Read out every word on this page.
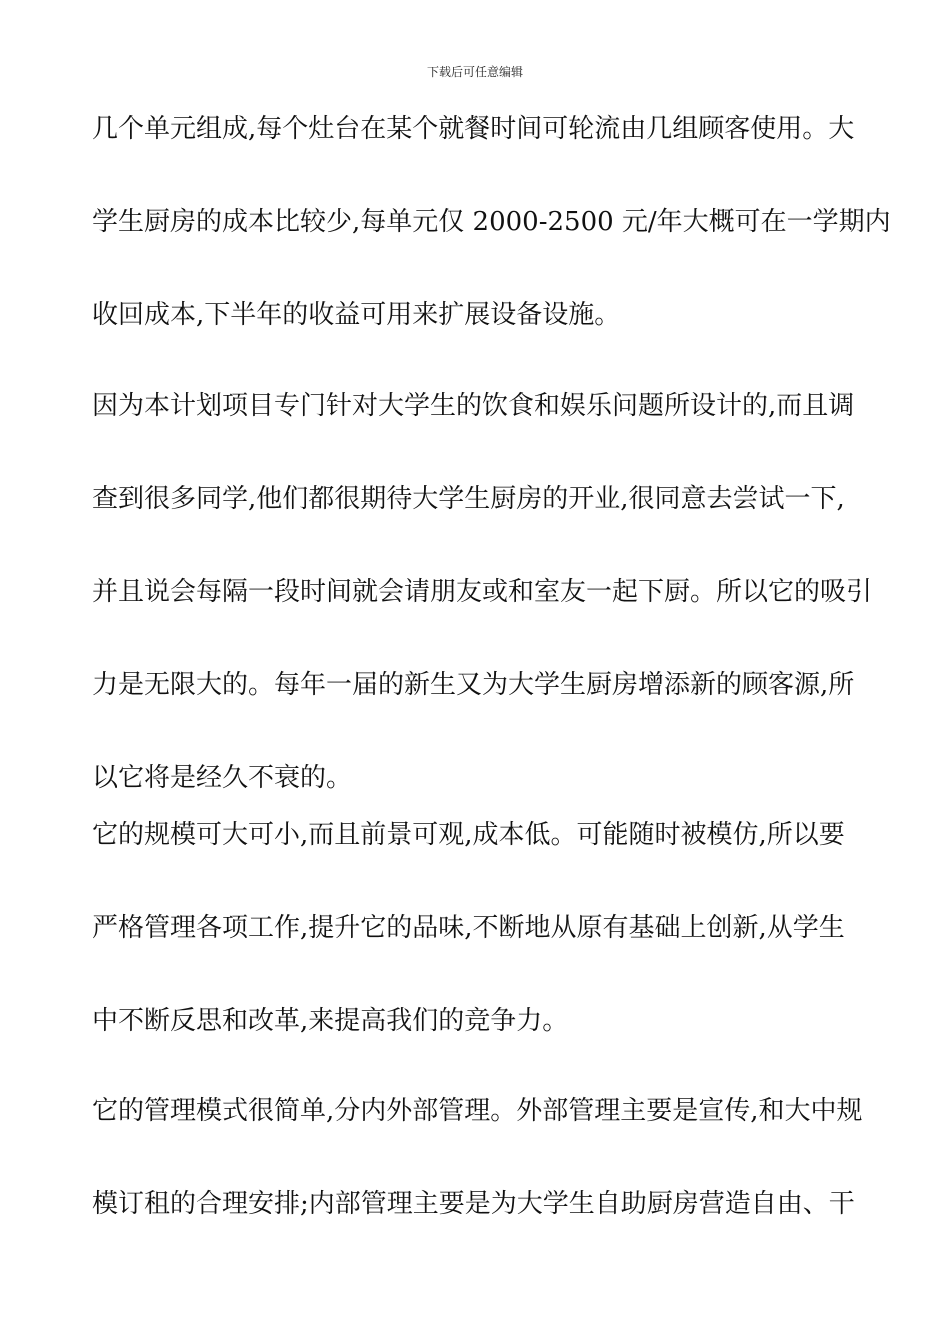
下载后可任意编辑
几个单元组成,每个灶台在某个就餐时间可轮流由几组顾客使用。大
学生厨房的成本比较少,每单元仅 2000-2500 元/年大概可在一学期内
收回成本,下半年的收益可用来扩展设备设施。
因为本计划项目专门针对大学生的饮食和娱乐问题所设计的,而且调
查到很多同学,他们都很期待大学生厨房的开业,很同意去尝试一下,
并且说会每隔一段时间就会请朋友或和室友一起下厨。所以它的吸引
力是无限大的。每年一届的新生又为大学生厨房增添新的顾客源,所
以它将是经久不衰的。
它的规模可大可小,而且前景可观,成本低。可能随时被模仿,所以要
严格管理各项工作,提升它的品味,不断地从原有基础上创新,从学生
中不断反思和改革,来提高我们的竞争力。
它的管理模式很简单,分内外部管理。外部管理主要是宣传,和大中规
模订租的合理安排;内部管理主要是为大学生自助厨房营造自由、干
